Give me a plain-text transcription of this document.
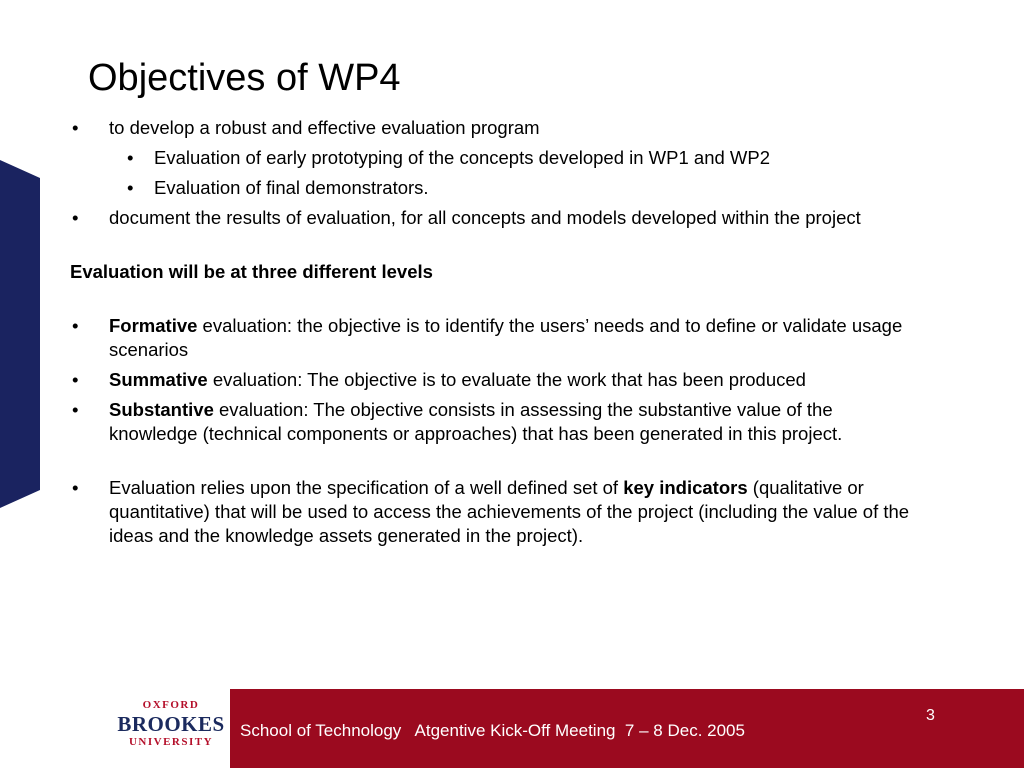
Objectives of WP4
• to develop a robust and effective evaluation program
• Evaluation of early prototyping of the concepts developed in WP1 and WP2
• Evaluation of final demonstrators.
• document the results of evaluation, for all concepts and models developed within the project
Evaluation will be at three different levels
• Formative evaluation: the objective is to identify the users’ needs and to define or validate usage scenarios
• Summative evaluation: The objective is to evaluate the work that has been produced
• Substantive evaluation: The objective consists in assessing the substantive value of the knowledge (technical components or approaches) that has been generated in this project.
• Evaluation relies upon the specification of a well defined set of key indicators (qualitative or quantitative) that will be used to access the achievements of the project (including the value of the ideas and the knowledge assets generated in the project).
OXFORD
BROOKES
UNIVERSITY
School of Technology   Atgentive Kick-Off Meeting  7 – 8 Dec. 2005
3
